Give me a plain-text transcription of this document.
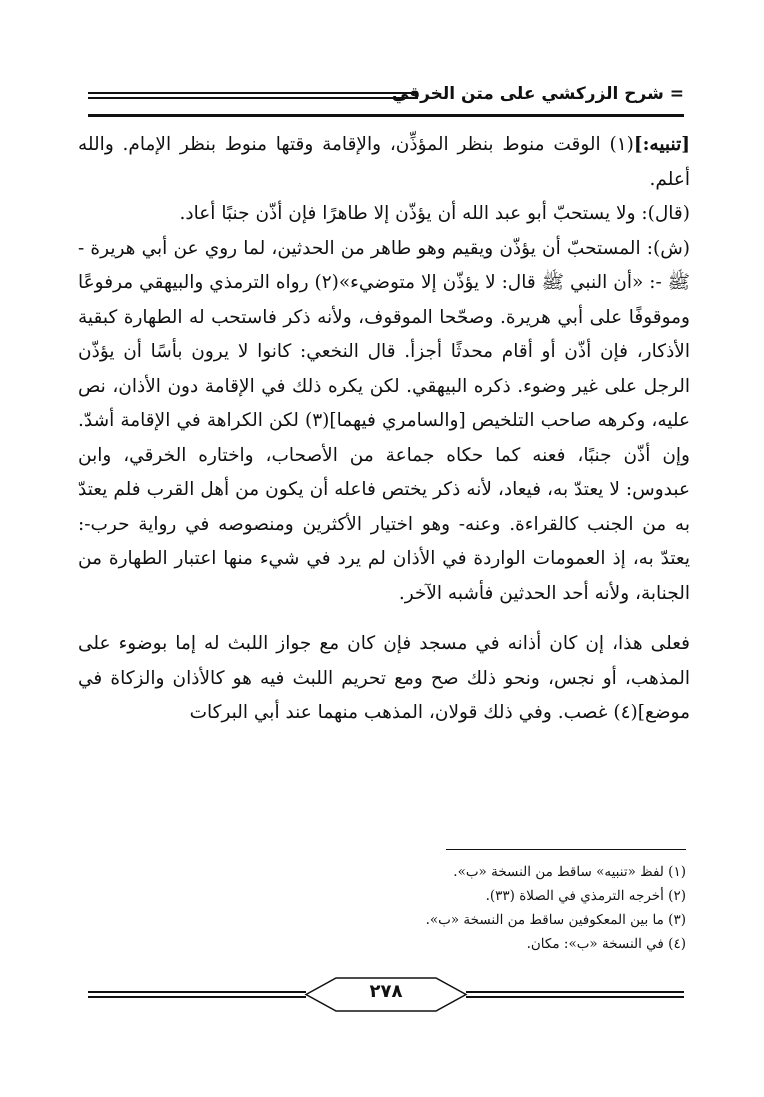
= شرح الزركشي على متن الخرقي

[تنبيه:](١) الوقت منوط بنظر المؤذِّن، والإقامة وقتها منوط بنظر الإمام. والله أعلم.

(قال): ولا يستحبّ أبو عبد الله أن يؤذّن إلا طاهرًا فإن أذّن جنبًا أعاد.

(ش): المستحبّ أن يؤذّن ويقيم وهو طاهر من الحدثين، لما روي عن أبي هريرة - ﷺ -: «أن النبي ﷺ قال: لا يؤذّن إلا متوضيء»(٢) رواه الترمذي والبيهقي مرفوعًا وموقوفًا على أبي هريرة. وصحّحا الموقوف، ولأنه ذكر فاستحب له الطهارة كبقية الأذكار، فإن أذّن أو أقام محدثًا أجزأ. قال النخعي: كانوا لا يرون بأسًا أن يؤذّن الرجل على غير وضوء. ذكره البيهقي. لكن يكره ذلك في الإقامة دون الأذان، نص عليه، وكرهه صاحب التلخيص [والسامري فيهما](٣) لكن الكراهة في الإقامة أشدّ. وإن أذّن جنبًا، فعنه كما حكاه جماعة من الأصحاب، واختاره الخرقي، وابن عبدوس: لا يعتدّ به، فيعاد، لأنه ذكر يختص فاعله أن يكون من أهل القرب فلم يعتدّ به من الجنب كالقراءة. وعنه- وهو اختيار الأكثرين ومنصوصه في رواية حرب-: يعتدّ به، إذ العمومات الواردة في الأذان لم يرد في شيء منها اعتبار الطهارة من الجنابة، ولأنه أحد الحدثين فأشبه الآخر.

فعلى هذا، إن كان أذانه في مسجد فإن كان مع جواز اللبث له إما بوضوء على المذهب، أو نجس، ونحو ذلك صح ومع تحريم اللبث فيه هو كالأذان والزكاة في موضع](٤) غصب. وفي ذلك قولان، المذهب منهما عند أبي البركات

(١) لفظ «تنبيه» ساقط من النسخة «ب».
(٢) أخرجه الترمذي في الصلاة (٣٣).
(٣) ما بين المعكوفين ساقط من النسخة «ب».
(٤) في النسخة «ب»: مكان.
٢٧٨
